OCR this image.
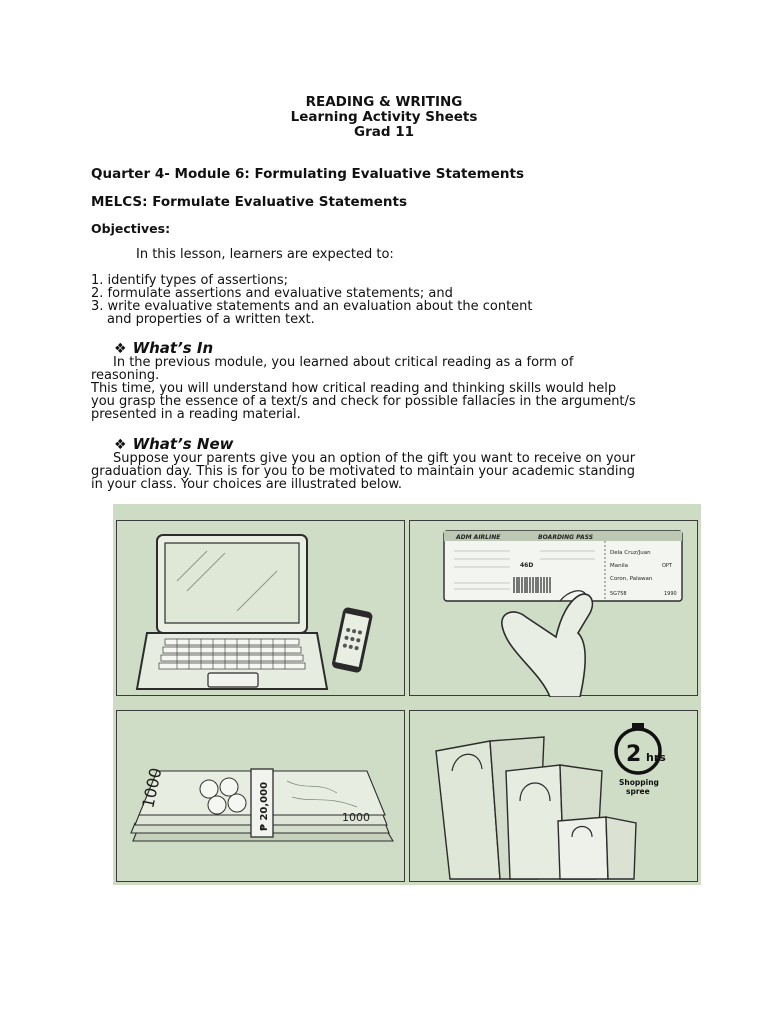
READING & WRITING
Learning Activity Sheets
Grad 11
Quarter 4- Module 6: Formulating Evaluative Statements
MELCS: Formulate Evaluative Statements
Objectives:
In this lesson, learners are expected to:
1. identify types of assertions;
2. formulate assertions and evaluative statements; and
3. write evaluative statements and an evaluation about the content
and properties of a written text.
❖ What’s In
In the previous module, you learned about critical reading as a form of
reasoning.
This time, you will understand how critical reading and thinking skills would help
you grasp the essence of a text/s and check for possible fallacies in the argument/s
presented in a reading material.
❖ What’s New
Suppose your parents give you an option of the gift you want to receive on your
graduation day. This is for you to be motivated to maintain your academic standing
in your class. Your choices are illustrated below.
ADM AIRLINE	BOARDING PASS
Dela Cruz/Juan
Manila	OPT
Coron, Palawan
5G758	1990
46D
1000	₱ 20,000	1000
2 hrs
Shopping
spree
